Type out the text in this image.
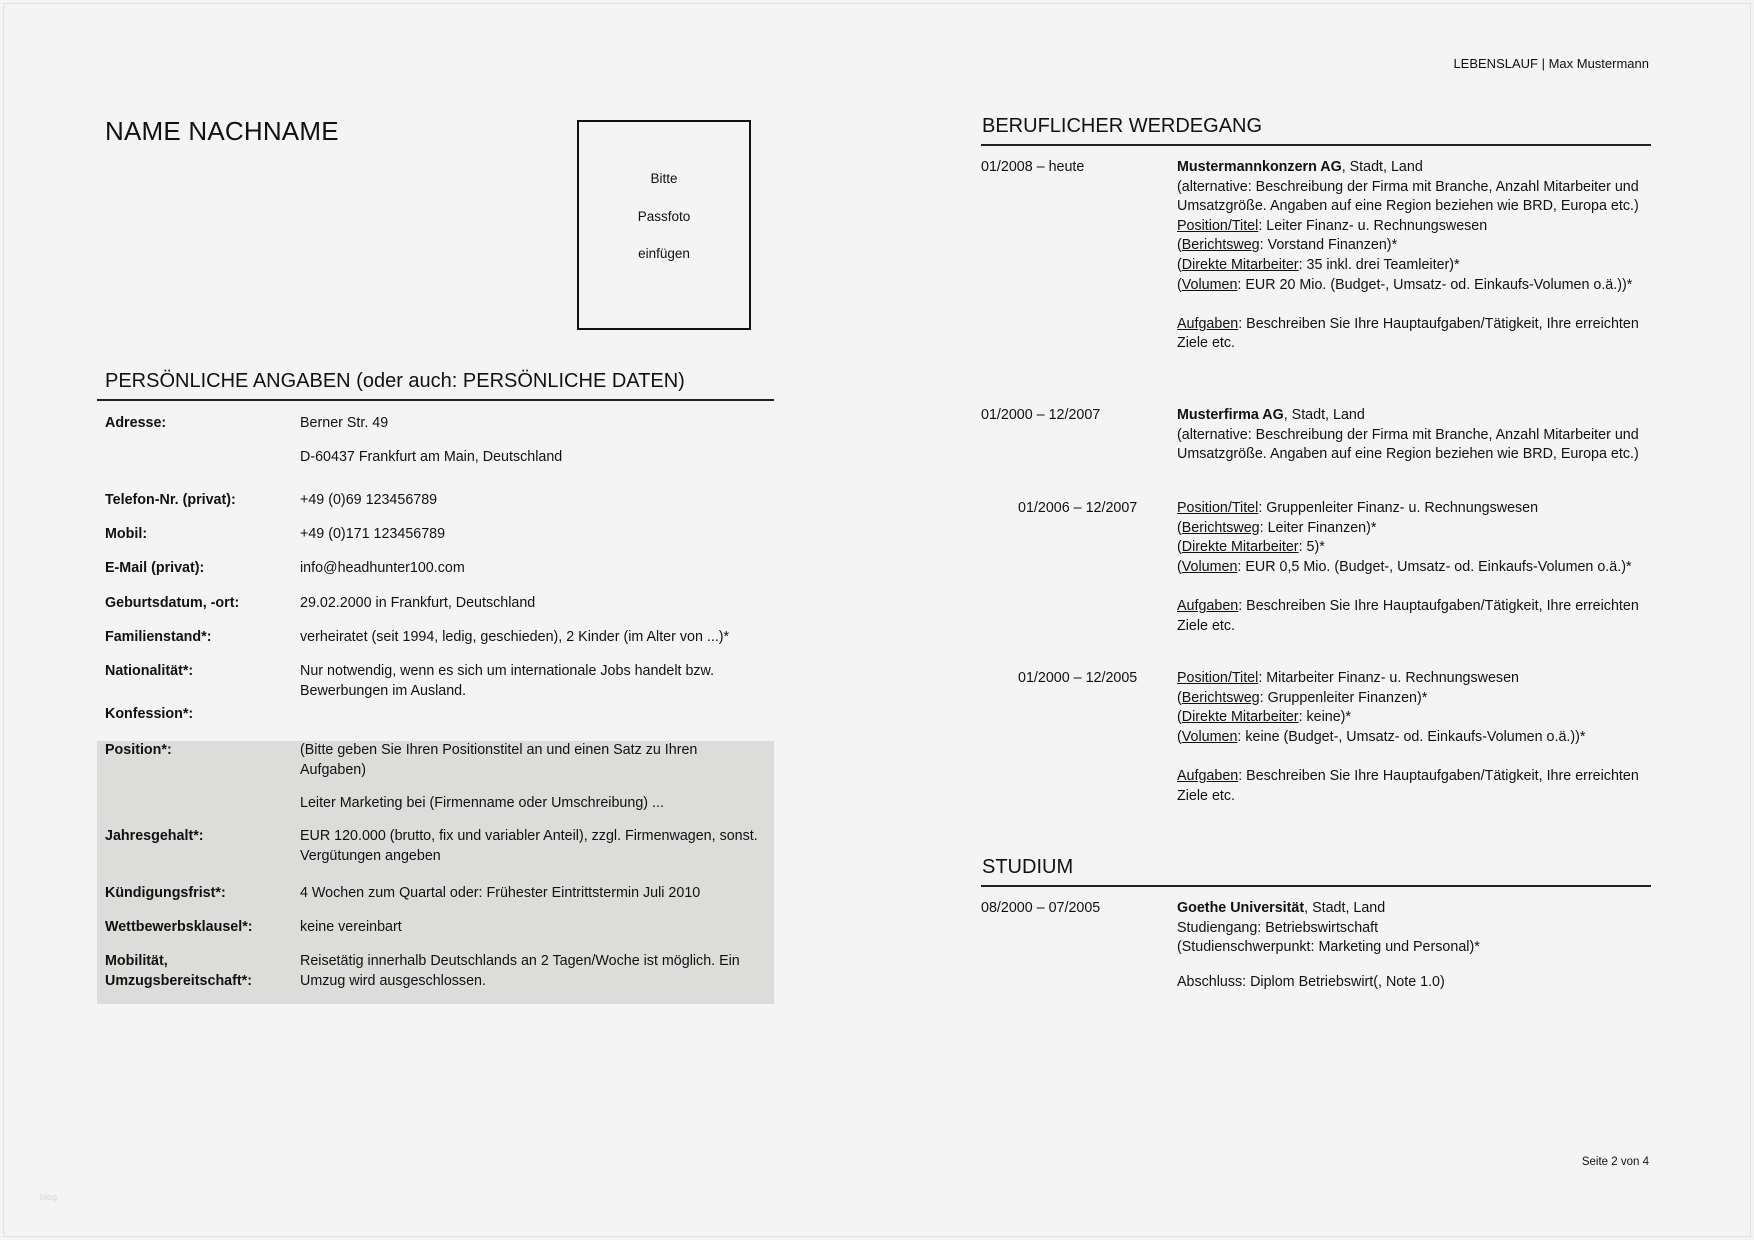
LEBENSLAUF | Max Mustermann
NAME NACHNAME
Bitte
Passfoto
einfügen
PERSÖNLICHE ANGABEN (oder auch: PERSÖNLICHE DATEN)
Adresse:	Berner Str. 49

D-60437 Frankfurt am Main, Deutschland

Telefon-Nr. (privat):	+49 (0)69 123456789

Mobil:	+49 (0)171 123456789

E-Mail (privat):	info@headhunter100.com

Geburtsdatum, -ort:	29.02.2000 in Frankfurt, Deutschland

Familienstand*:	verheiratet (seit 1994, ledig, geschieden), 2 Kinder (im Alter von ...)*

Nationalität*:	Nur notwendig, wenn es sich um internationale Jobs handelt bzw. Bewerbungen im Ausland.

Konfession*:
Position*:	(Bitte geben Sie Ihren Positionstitel an und einen Satz zu Ihren Aufgaben)

Leiter Marketing bei (Firmenname oder Umschreibung) ...

Jahresgehalt*:	EUR 120.000 (brutto, fix und variabler Anteil), zzgl. Firmenwagen, sonst. Vergütungen angeben

Kündigungsfrist*:	4 Wochen zum Quartal oder: Frühester Eintrittstermin Juli 2010

Wettbewerbsklausel*:	keine vereinbart

Mobilität, Umzugsbereitschaft*:

Reisetätig innerhalb Deutschlands an 2 Tagen/Woche ist möglich. Ein Umzug wird ausgeschlossen.

BERUFLICHER WERDEGANG
01/2008 – heute	Mustermannkonzern AG, Stadt, Land

(alternative: Beschreibung der Firma mit Branche, Anzahl Mitarbeiter und Umsatzgröße. Angaben auf eine Region beziehen wie BRD, Europa etc.)

Position/Titel: Leiter Finanz- u. Rechnungswesen

(Berichtsweg: Vorstand Finanzen)*

(Direkte Mitarbeiter: 35 inkl. drei Teamleiter)*

(Volumen: EUR 20 Mio. (Budget-, Umsatz- od. Einkaufs-Volumen o.ä.))*

Aufgaben: Beschreiben Sie Ihre Hauptaufgaben/Tätigkeit, Ihre erreichten Ziele etc.

01/2000 – 12/2007	Musterfirma AG, Stadt, Land

(alternative: Beschreibung der Firma mit Branche, Anzahl Mitarbeiter und Umsatzgröße. Angaben auf eine Region beziehen wie BRD, Europa etc.)

01/2006 – 12/2007	Position/Titel: Gruppenleiter Finanz- u. Rechnungswesen

(Berichtsweg: Leiter Finanzen)*

(Direkte Mitarbeiter: 5)*

(Volumen: EUR 0,5 Mio. (Budget-, Umsatz- od. Einkaufs-Volumen o.ä.)*

Aufgaben: Beschreiben Sie Ihre Hauptaufgaben/Tätigkeit, Ihre erreichten Ziele etc.

01/2000 – 12/2005	Position/Titel: Mitarbeiter Finanz- u. Rechnungswesen

(Berichtsweg: Gruppenleiter Finanzen)*

(Direkte Mitarbeiter: keine)*

(Volumen: keine (Budget-, Umsatz- od. Einkaufs-Volumen o.ä.))*

Aufgaben: Beschreiben Sie Ihre Hauptaufgaben/Tätigkeit, Ihre erreichten Ziele etc.

STUDIUM
08/2000 – 07/2005	Goethe Universität, Stadt, Land

Studiengang: Betriebswirtschaft

(Studienschwerpunkt: Marketing und Personal)*

Abschluss: Diplom Betriebswirt(, Note 1.0)

Seite 2 von 4
blog
